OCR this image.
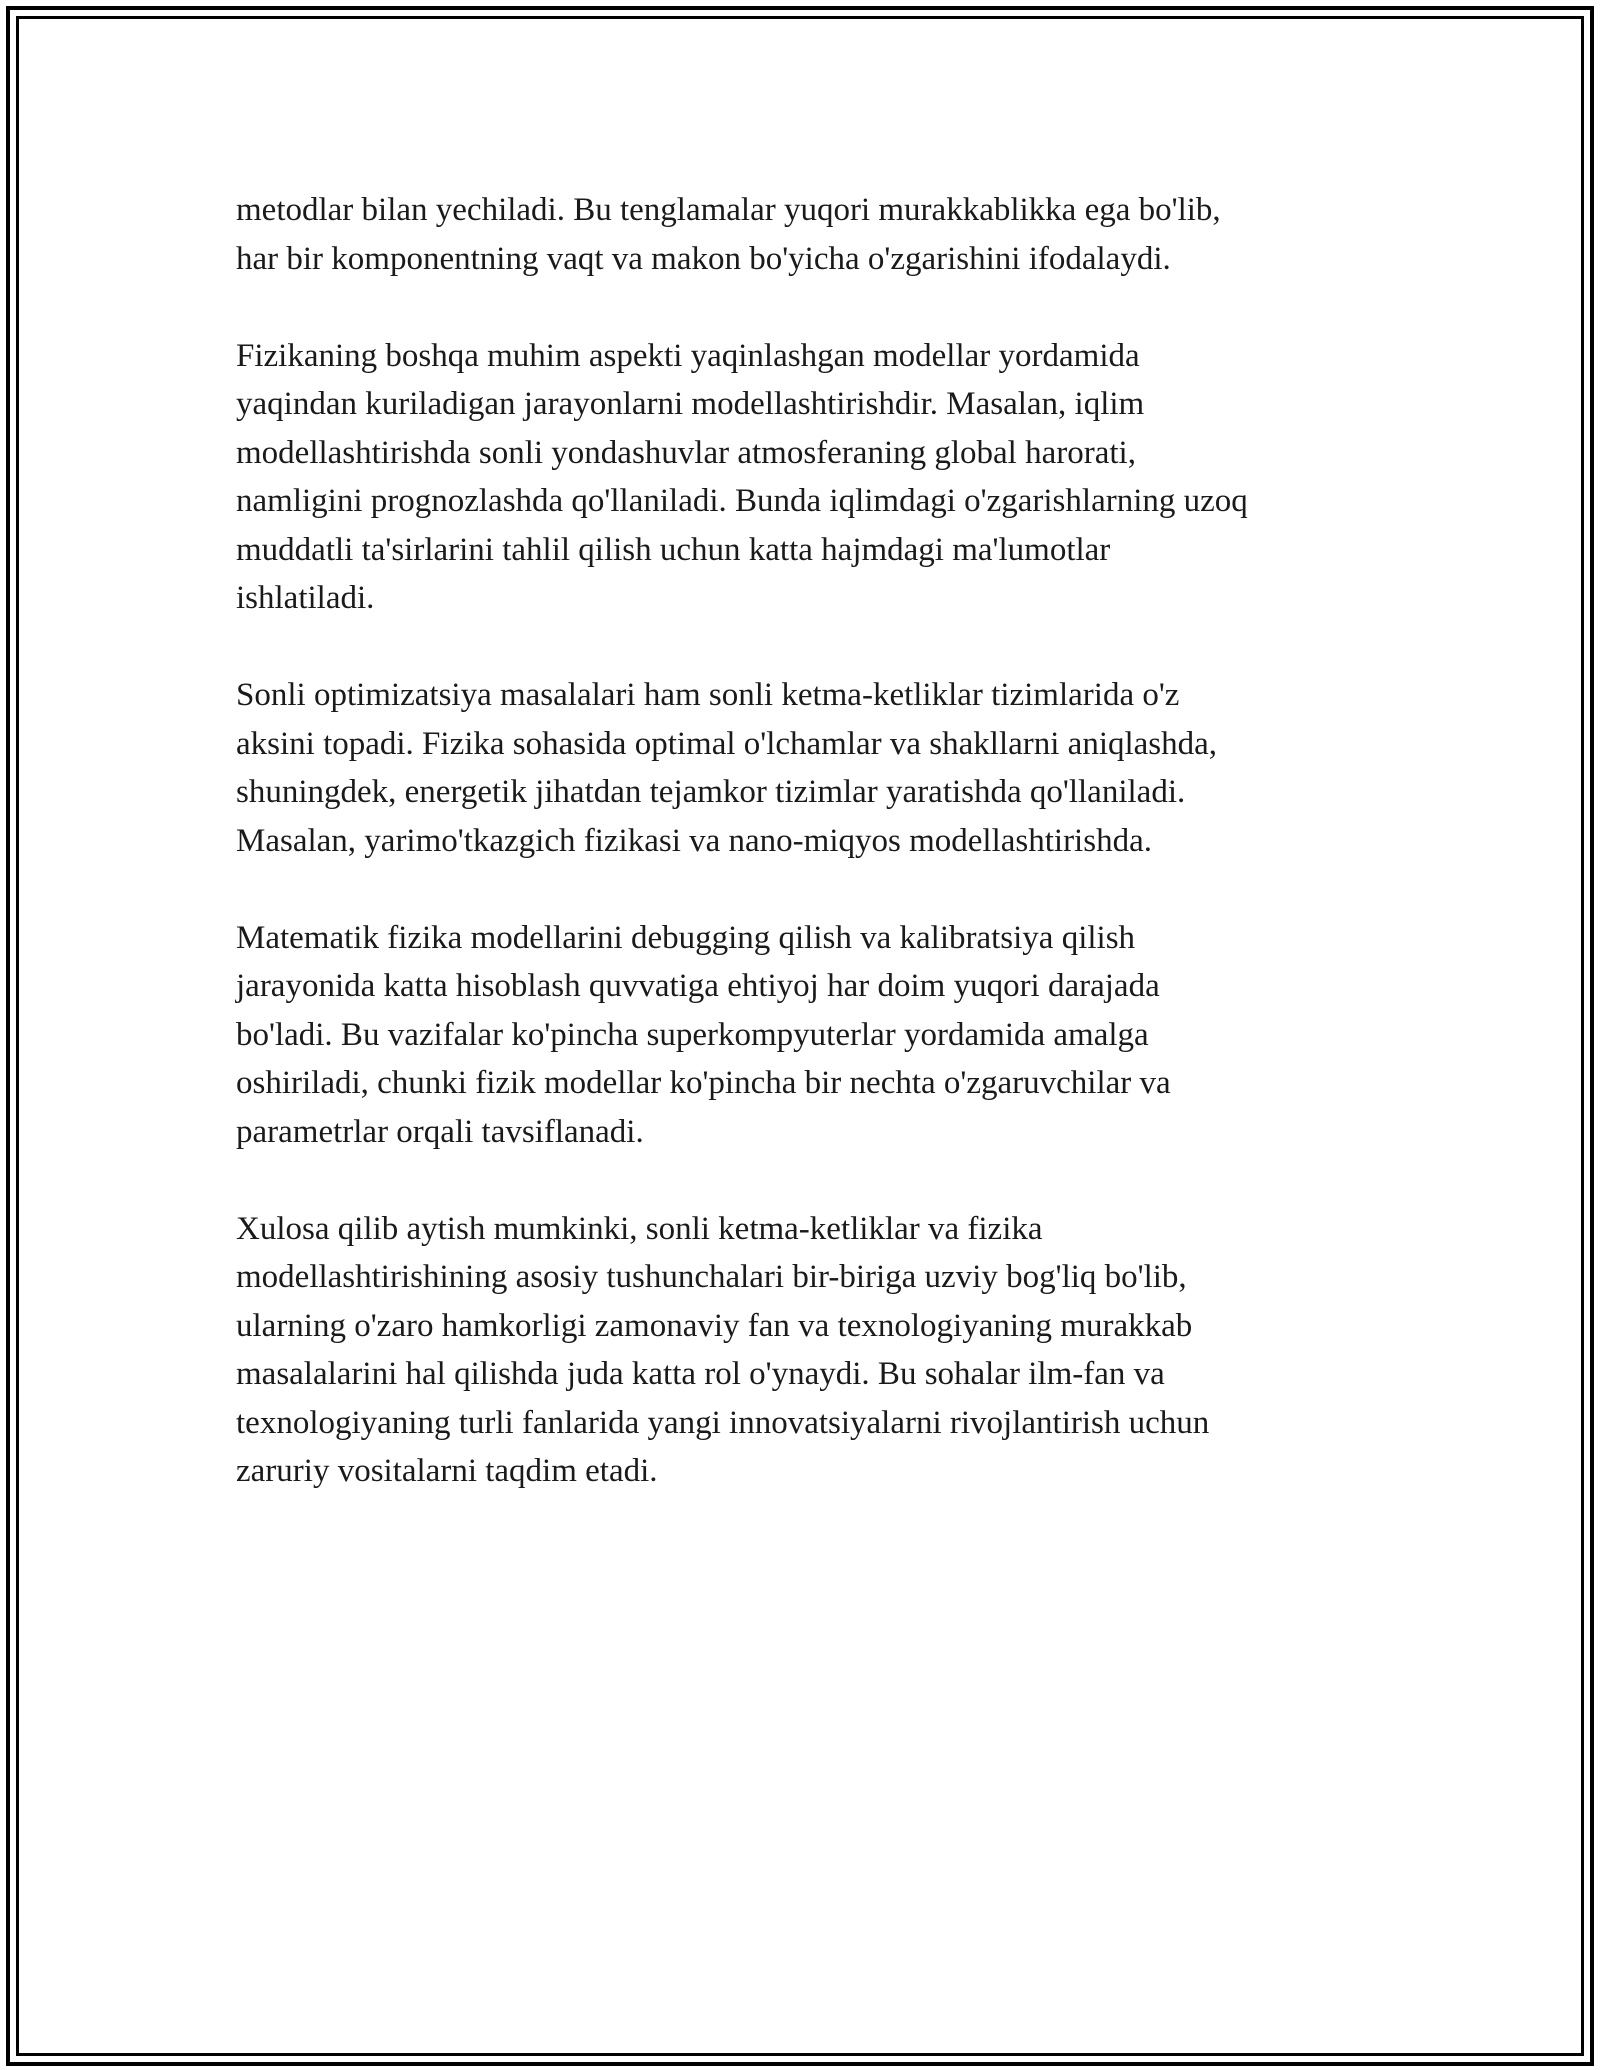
metodlar bilan yechiladi. Bu tenglamalar yuqori murakkablikka ega bo'lib,
har bir komponentning vaqt va makon bo'yicha o'zgarishini ifodalaydi.

Fizikaning boshqa muhim aspekti yaqinlashgan modellar yordamida
yaqindan kuriladigan jarayonlarni modellashtirishdir. Masalan, iqlim
modellashtirishda sonli yondashuvlar atmosferaning global harorati,
namligini prognozlashda qo'llaniladi. Bunda iqlimdagi o'zgarishlarning uzoq
muddatli ta'sirlarini tahlil qilish uchun katta hajmdagi ma'lumotlar
ishlatiladi.

Sonli optimizatsiya masalalari ham sonli ketma-ketliklar tizimlarida o'z
aksini topadi. Fizika sohasida optimal o'lchamlar va shakllarni aniqlashda,
shuningdek, energetik jihatdan tejamkor tizimlar yaratishda qo'llaniladi.
Masalan, yarimo'tkazgich fizikasi va nano-miqyos modellashtirishda.

Matematik fizika modellarini debugging qilish va kalibratsiya qilish
jarayonida katta hisoblash quvvatiga ehtiyoj har doim yuqori darajada
bo'ladi. Bu vazifalar ko'pincha superkompyuterlar yordamida amalga
oshiriladi, chunki fizik modellar ko'pincha bir nechta o'zgaruvchilar va
parametrlar orqali tavsiflanadi.

Xulosa qilib aytish mumkinki, sonli ketma-ketliklar va fizika
modellashtirishining asosiy tushunchalari bir-biriga uzviy bog'liq bo'lib,
ularning o'zaro hamkorligi zamonaviy fan va texnologiyaning murakkab
masalalarini hal qilishda juda katta rol o'ynaydi. Bu sohalar ilm-fan va
texnologiyaning turli fanlarida yangi innovatsiyalarni rivojlantirish uchun
zaruriy vositalarni taqdim etadi.
